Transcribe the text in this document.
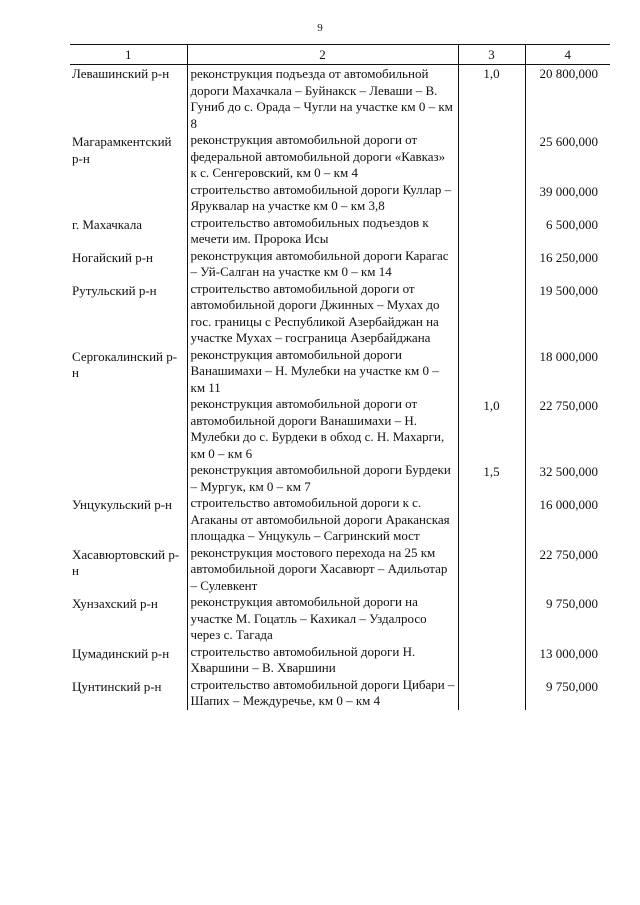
9
1	2	3	4
Левашинский р-н	реконструкция подъезда от автомобильной дороги Махачкала – Буйнакск – Леваши – В. Гуниб до с. Орада – Чугли на участке км 0 – км 8	1,0	20 800,000
Магарамкентский р-н	реконструкция автомобильной дороги от федеральной автомобильной дороги «Кавказ» к с. Сенгеровский, км 0 – км 4		25 600,000
	строительство автомобильной дороги Куллар – Яруквалар на участке км 0 – км 3,8		39 000,000
г. Махачкала	строительство автомобильных подъездов к мечети им. Пророка Исы		6 500,000
Ногайский р-н	реконструкция автомобильной дороги Карагас – Уй-Салган на участке км 0 – км 14		16 250,000
Рутульский р-н	строительство автомобильной дороги от автомобильной дороги Джинных – Мухах до гос. границы с Республикой Азербайджан на участке Мухах – госграница Азербайджана		19 500,000
Сергокалинский р-н	реконструкция автомобильной дороги Ванашимахи – Н. Мулебки на участке км 0 – км 11		18 000,000
	реконструкция автомобильной дороги от автомобильной дороги Ванашимахи – Н. Мулебки до с. Бурдеки в обход с. Н. Махарги, км 0 – км 6	1,0	22 750,000
	реконструкция автомобильной дороги Бурдеки – Мургук, км 0 – км 7	1,5	32 500,000
Унцукульский р-н	строительство автомобильной дороги к с. Araканы от автомобильной дороги Араканская площадка – Унцукуль – Сагринский мост		16 000,000
Хасавюртовский р-н	реконструкция мостового перехода на 25 км автомобильной дороги Хасавюрт – Адильотар – Сулевкент		22 750,000
Хунзахский р-н	реконструкция автомобильной дороги на участке М. Гоцатль – Кахикал – Уздалросо через с. Тагада		9 750,000
Цумадинский р-н	строительство автомобильной дороги Н. Хваршини – В. Хваршини		13 000,000
Цунтинский р-н	строительство автомобильной дороги Цибари – Шапих – Междуречье, км 0 – км 4		9 750,000
